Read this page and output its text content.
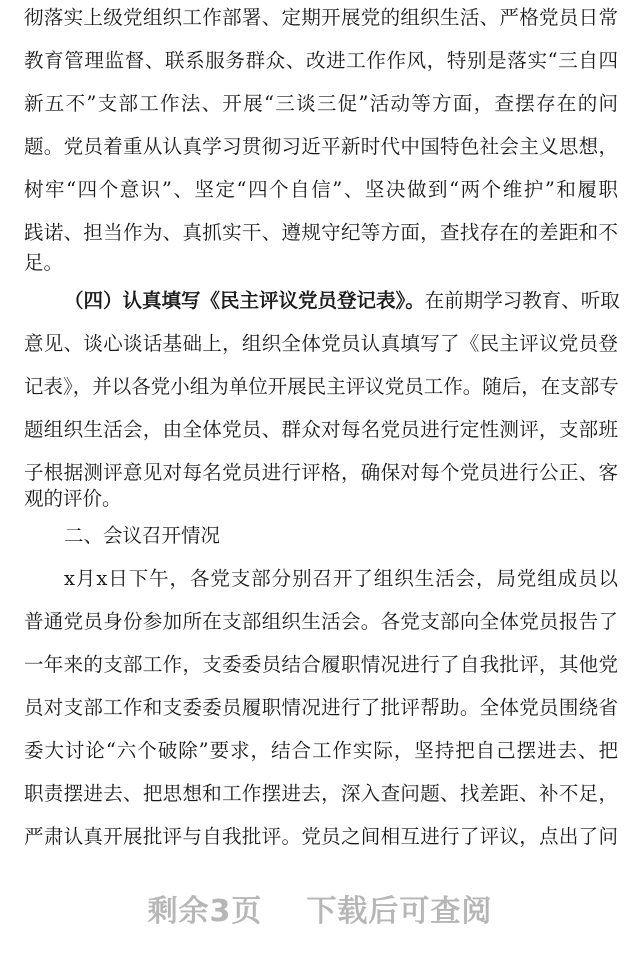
彻落实上级党组织工作部署、定期开展党的组织生活、严格党员日常
教育管理监督、联系服务群众、改进工作作风，特别是落实“三自四
新五不”支部工作法、开展“三谈三促”活动等方面，查摆存在的问
题。党员着重从认真学习贯彻习近平新时代中国特色社会主义思想，
树牢“四个意识”、坚定“四个自信”、坚决做到“两个维护”和履职
践诺、担当作为、真抓实干、遵规守纪等方面，查找存在的差距和不
足。
（四）认真填写《民主评议党员登记表》。在前期学习教育、听取
意见、谈心谈话基础上，组织全体党员认真填写了《民主评议党员登
记表》，并以各党小组为单位开展民主评议党员工作。随后，在支部专
题组织生活会，由全体党员、群众对每名党员进行定性测评，支部班
子根据测评意见对每名党员进行评格，确保对每个党员进行公正、客
观的评价。
二、会议召开情况
x月x日下午，各党支部分别召开了组织生活会，局党组成员以
普通党员身份参加所在支部组织生活会。各党支部向全体党员报告了
一年来的支部工作，支委委员结合履职情况进行了自我批评，其他党
员对支部工作和支委委员履职情况进行了批评帮助。全体党员围绕省
委大讨论“六个破除”要求，结合工作实际，坚持把自己摆进去、把
职责摆进去、把思想和工作摆进去，深入查问题、找差距、补不足，
严肃认真开展批评与自我批评。党员之间相互进行了评议，点出了问
剩余3页 下载后可查阅
